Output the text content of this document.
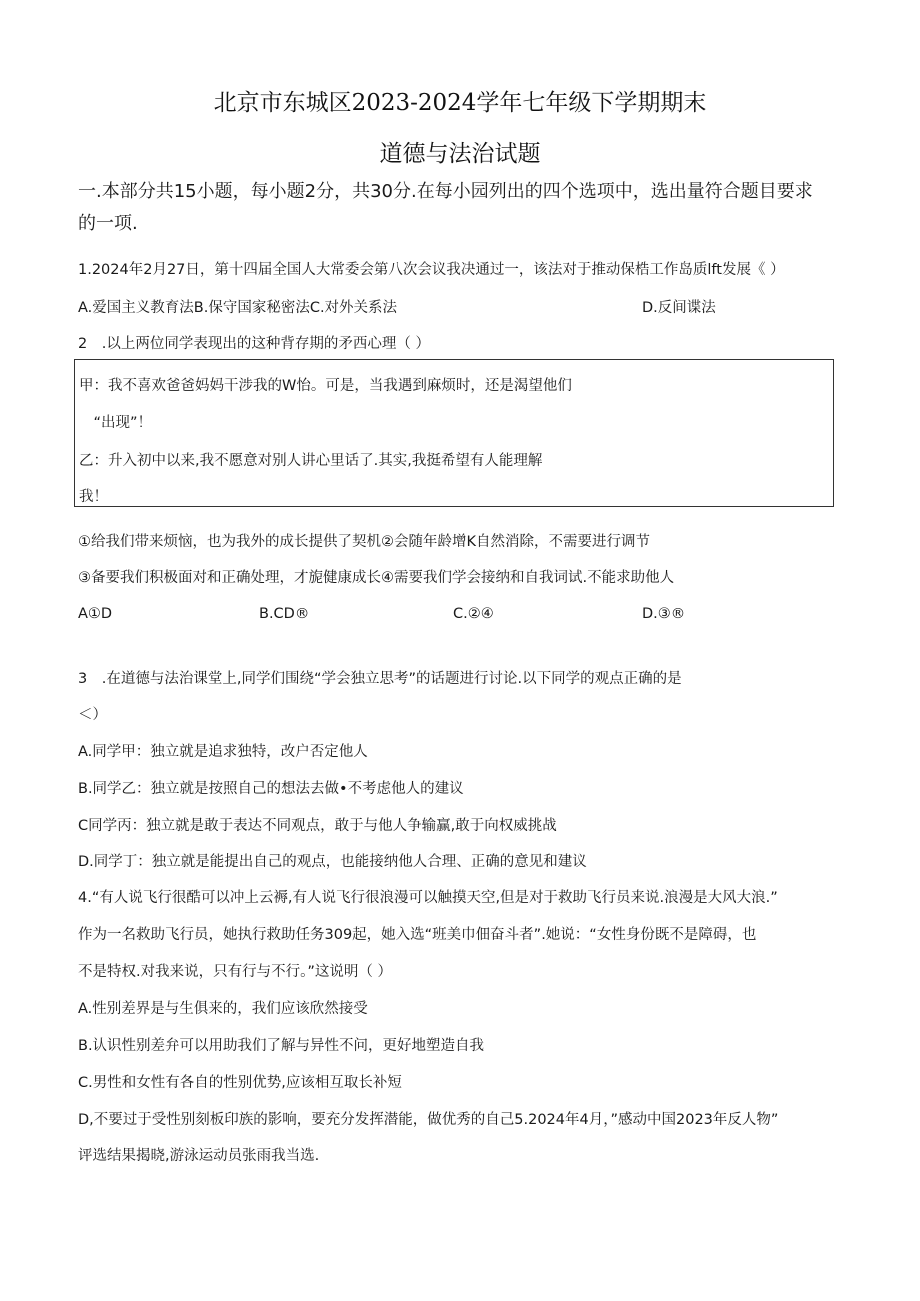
北京市东城区2023-2024学年七年级下学期期末
道德与法治试题
一.本部分共15小题，每小题2分，共30分.在每小园列出的四个选项中，选出量符合题目要求的一项.
1.2024年2月27日，第十四届全国人大常委会第八次会议我决通过一，该法对于推动保梏工作岛质lft发展《 ）
A.爱国主义教育法B.保守国家秘密法C.对外关系法	D.反间谍法
2　.以上两位同学表现出的这种背存期的矛西心理（ ）
甲：我不喜欢爸爸妈妈干涉我的W怡。可是，当我遇到麻烦时，还是渴望他们
　“出现”！
乙：升入初中以来,我不愿意对别人讲心里话了.其实,我挺希望有人能理解
我！
①给我们带来烦恼，也为我外的成长提供了契机②会随年龄增K自然消除，不需要进行调节
③备要我们积极面对和正确处理，才旎健康成长④需要我们学会接纳和自我词试.不能求助他人
A①D	B.CD®	C.②④	D.③®
3　.在道德与法治课堂上,同学们围绕“学会独立思考”的话题进行讨论.以下同学的观点正确的是
＜）
A.同学甲：独立就是追求独特，改户否定他人
B.同学乙：独立就是按照自己的想法去做•不考虑他人的建议
C同学丙：独立就是敢于表达不同观点，敢于与他人争输赢,敢于向权威挑战
D.同学丁：独立就是能提出自己的观点，也能接纳他人合理、正确的意见和建议
4.“有人说飞行很酷可以冲上云褥,有人说飞行很浪漫可以触摸天空,但是对于救助飞行员来说.浪漫是大风大浪.”
作为一名救助飞行员，她执行救助任务309起，她入选“班美巾佃奋斗者”.她说：“女性身份既不是障碍，也
不是特权.对我来说，只有行与不行。”这说明（ ）
A.性别差界是与生俱来的，我们应该欣然接受
B.认识性别差弁可以用助我们了解与异性不问，更好地塑造自我
C.男性和女性有各自的性别优势,应该相互取长补短
D,不要过于受性别刻板印族的影响，要充分发挥潜能，做优秀的自己5.2024年4月，”感动中国2023年反人物”
评选结果揭晓,游泳运动员张雨我当选.
